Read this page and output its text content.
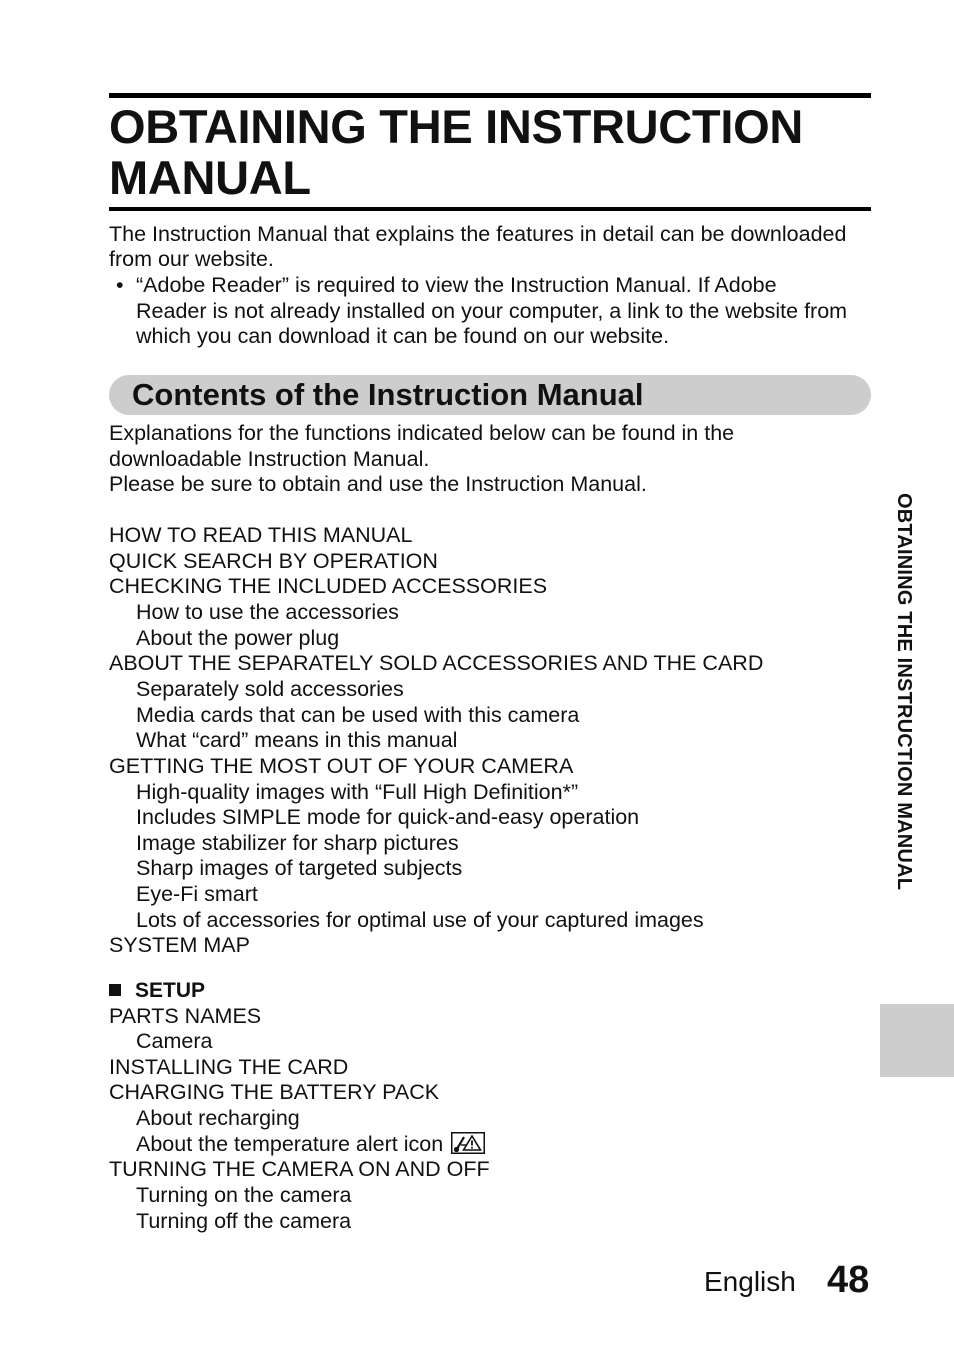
OBTAINING THE INSTRUCTION
MANUAL
The Instruction Manual that explains the features in detail can be downloaded
from our website.
• “Adobe Reader” is required to view the Instruction Manual. If Adobe
Reader is not already installed on your computer, a link to the website from
which you can download it can be found on our website.
Contents of the Instruction Manual
Explanations for the functions indicated below can be found in the
downloadable Instruction Manual.
Please be sure to obtain and use the Instruction Manual.
HOW TO READ THIS MANUAL
QUICK SEARCH BY OPERATION
CHECKING THE INCLUDED ACCESSORIES
How to use the accessories
About the power plug
ABOUT THE SEPARATELY SOLD ACCESSORIES AND THE CARD
Separately sold accessories
Media cards that can be used with this camera
What “card” means in this manual
GETTING THE MOST OUT OF YOUR CAMERA
High-quality images with “Full High Definition*”
Includes SIMPLE mode for quick-and-easy operation
Image stabilizer for sharp pictures
Sharp images of targeted subjects
Eye-Fi smart
Lots of accessories for optimal use of your captured images
SYSTEM MAP
SETUP
PARTS NAMES
Camera
INSTALLING THE CARD
CHARGING THE BATTERY PACK
About recharging
About the temperature alert icon
TURNING THE CAMERA ON AND OFF
Turning on the camera
Turning off the camera
OBTAINING THE INSTRUCTION MANUAL
English 48
